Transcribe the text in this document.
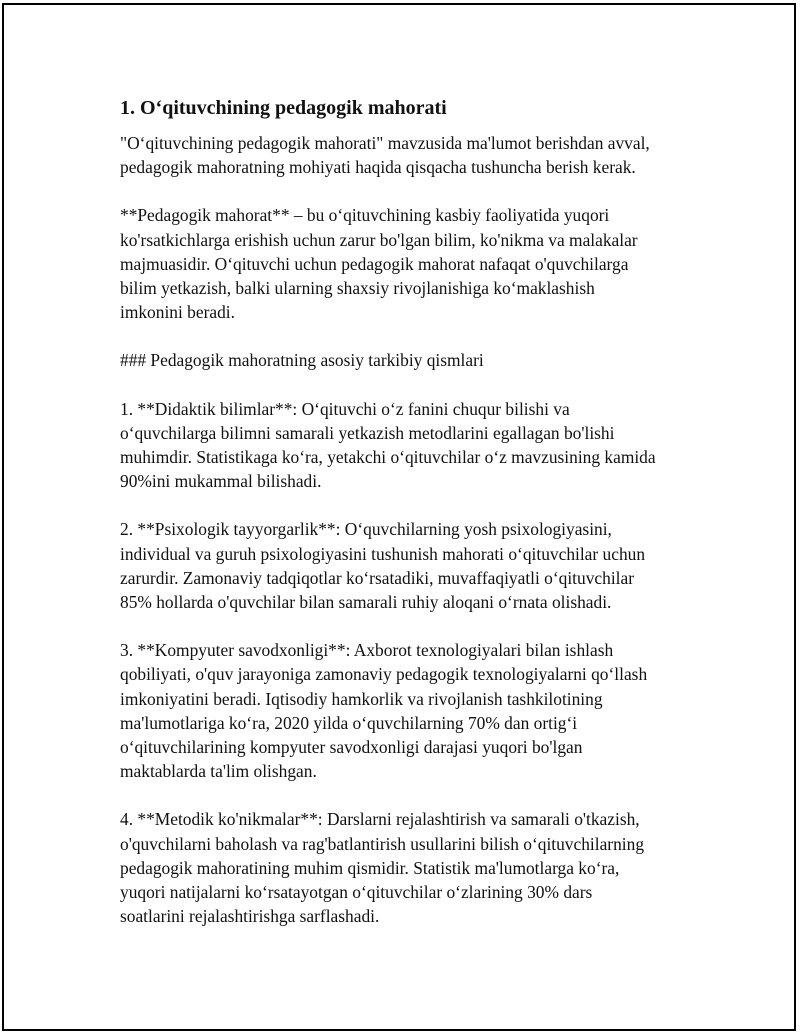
1. O‘qituvchining pedagogik mahorati
"O‘qituvchining pedagogik mahorati" mavzusida ma'lumot berishdan avval,
pedagogik mahoratning mohiyati haqida qisqacha tushuncha berish kerak.
**Pedagogik mahorat** – bu o‘qituvchining kasbiy faoliyatida yuqori
ko'rsatkichlarga erishish uchun zarur bo'lgan bilim, ko'nikma va malakalar
majmuasidir. O‘qituvchi uchun pedagogik mahorat nafaqat o'quvchilarga
bilim yetkazish, balki ularning shaxsiy rivojlanishiga ko‘maklashish
imkonini beradi.
### Pedagogik mahoratning asosiy tarkibiy qismlari
1. **Didaktik bilimlar**: O‘qituvchi o‘z fanini chuqur bilishi va
o‘quvchilarga bilimni samarali yetkazish metodlarini egallagan bo'lishi
muhimdir. Statistikaga ko‘ra, yetakchi o‘qituvchilar o‘z mavzusining kamida
90%ini mukammal bilishadi.
2. **Psixologik tayyorgarlik**: O‘quvchilarning yosh psixologiyasini,
individual va guruh psixologiyasini tushunish mahorati o‘qituvchilar uchun
zarurdir. Zamonaviy tadqiqotlar ko‘rsatadiki, muvaffaqiyatli o‘qituvchilar
85% hollarda o'quvchilar bilan samarali ruhiy aloqani o‘rnata olishadi.
3. **Kompyuter savodxonligi**: Axborot texnologiyalari bilan ishlash
qobiliyati, o'quv jarayoniga zamonaviy pedagogik texnologiyalarni qo‘llash
imkoniyatini beradi. Iqtisodiy hamkorlik va rivojlanish tashkilotining
ma'lumotlariga ko‘ra, 2020 yilda o‘quvchilarning 70% dan ortig‘i
o‘qituvchilarining kompyuter savodxonligi darajasi yuqori bo'lgan
maktablarda ta'lim olishgan.
4. **Metodik ko'nikmalar**: Darslarni rejalashtirish va samarali o'tkazish,
o'quvchilarni baholash va rag'batlantirish usullarini bilish o‘qituvchilarning
pedagogik mahoratining muhim qismidir. Statistik ma'lumotlarga ko‘ra,
yuqori natijalarni ko‘rsatayotgan o‘qituvchilar o‘zlarining 30% dars
soatlarini rejalashtirishga sarflashadi.
